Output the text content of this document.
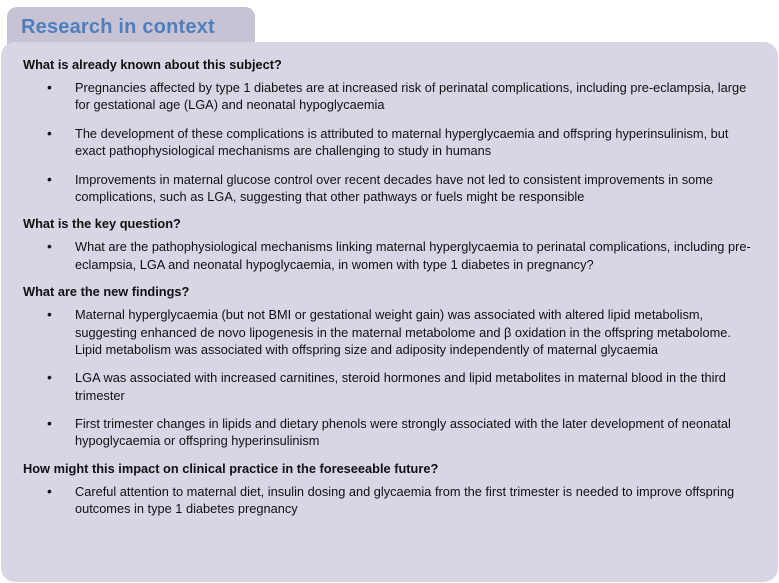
Research in context
What is already known about this subject?
• Pregnancies affected by type 1 diabetes are at increased risk of perinatal complications, including pre-eclampsia, large for gestational age (LGA) and neonatal hypoglycaemia
• The development of these complications is attributed to maternal hyperglycaemia and offspring hyperinsulinism, but exact pathophysiological mechanisms are challenging to study in humans
• Improvements in maternal glucose control over recent decades have not led to consistent improvements in some complications, such as LGA, suggesting that other pathways or fuels might be responsible
What is the key question?
• What are the pathophysiological mechanisms linking maternal hyperglycaemia to perinatal complications, including pre-eclampsia, LGA and neonatal hypoglycaemia, in women with type 1 diabetes in pregnancy?
What are the new findings?
• Maternal hyperglycaemia (but not BMI or gestational weight gain) was associated with altered lipid metabolism, suggesting enhanced de novo lipogenesis in the maternal metabolome and β oxidation in the offspring metabolome. Lipid metabolism was associated with offspring size and adiposity independently of maternal glycaemia
• LGA was associated with increased carnitines, steroid hormones and lipid metabolites in maternal blood in the third trimester
• First trimester changes in lipids and dietary phenols were strongly associated with the later development of neonatal hypoglycaemia or offspring hyperinsulinism
How might this impact on clinical practice in the foreseeable future?
• Careful attention to maternal diet, insulin dosing and glycaemia from the first trimester is needed to improve offspring outcomes in type 1 diabetes pregnancy
